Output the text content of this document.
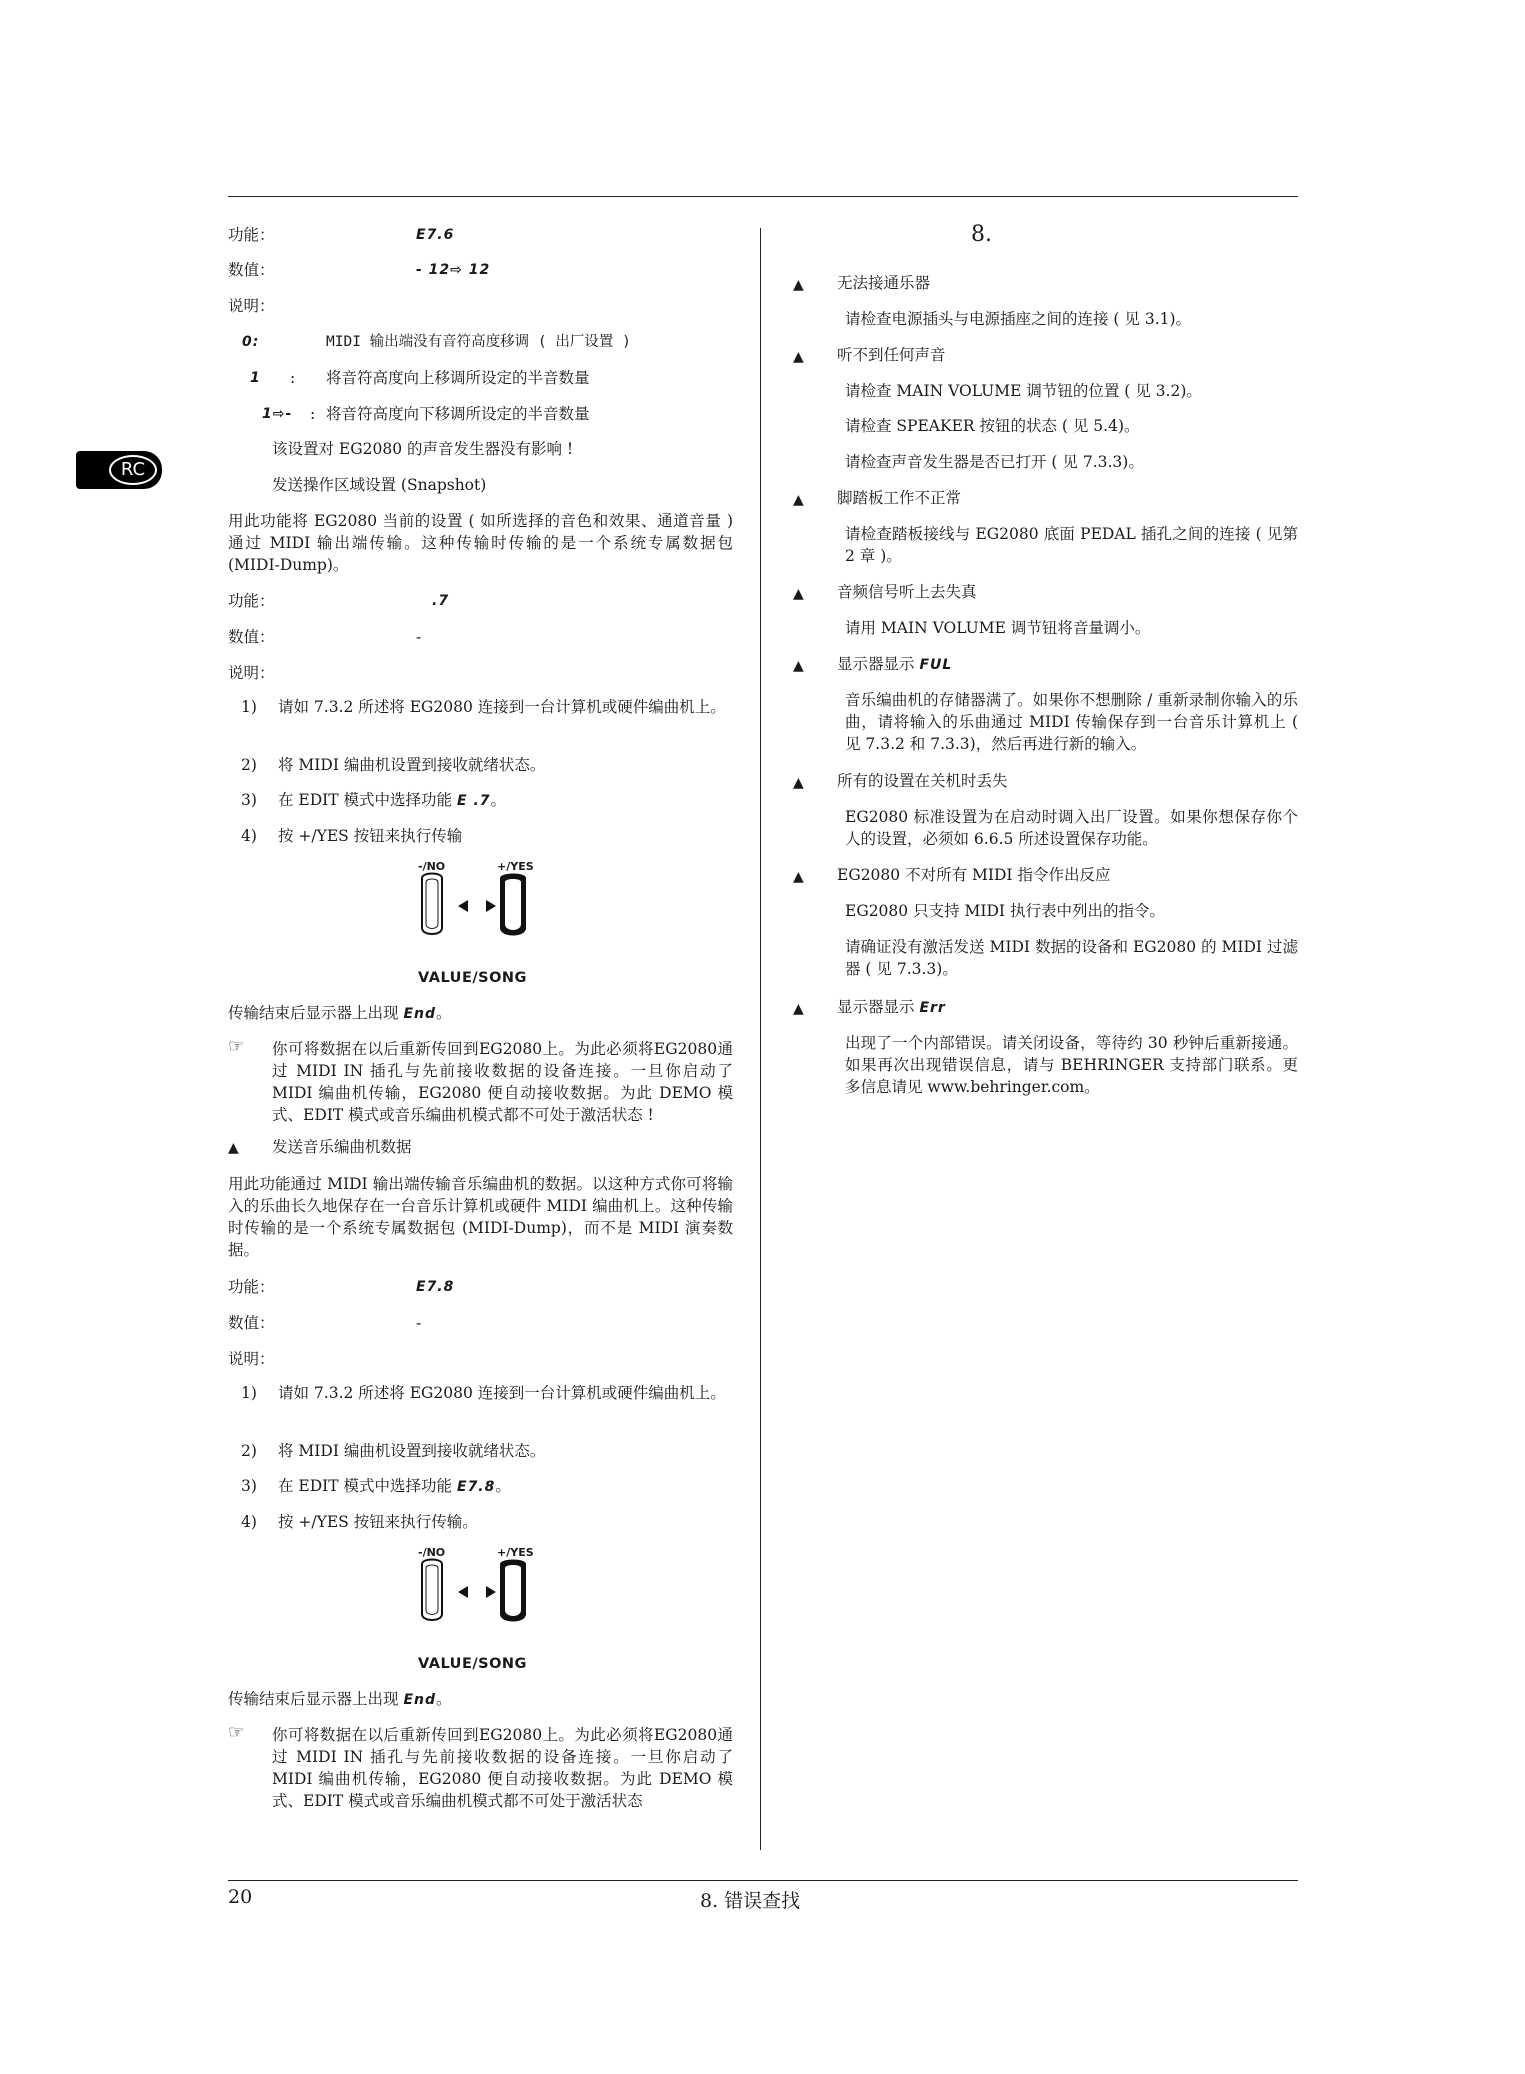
RC
功能：	E7.6
数值：	- 12⇨ 12
说明：
0:	MIDI 输出端没有音符高度移调 ( 出厂设置 )
1 : 将音符高度向上移调所设定的半音数量
1⇨- : 将音符高度向下移调所设定的半音数量
该设置对 EG2080 的声音发生器没有影响 !
发送操作区域设置 (Snapshot)

用此功能将 EG2080 当前的设置 ( 如所选择的音色和效果、通道音量 ) 通过 MIDI 输出端传输。这种传输时传输的是一个系统专属数据包 (MIDI-Dump)。

功能：	.7
数值：	-
说明：
1) 请如 7.3.2 所述将 EG2080 连接到一台计算机或硬件编曲机上。

2) 将 MIDI 编曲机设置到接收就绪状态。
3) 在 EDIT 模式中选择功能 E .7。
4) 按 +/YES 按钮来执行传输
-/NO	+/YES
VALUE/SONG
传输结束后显示器上出现 End。
☞ 你可将数据在以后重新传回到EG2080上。为此必须将EG2080通过 MIDI IN 插孔与先前接收数据的设备连接。一旦你启动了 MIDI 编曲机传输，EG2080 便自动接收数据。为此 DEMO 模式、EDIT 模式或音乐编曲机模式都不可处于激活状态 !

▲ 发送音乐编曲机数据

用此功能通过 MIDI 输出端传输音乐编曲机的数据。以这种方式你可将输入的乐曲长久地保存在一台音乐计算机或硬件 MIDI 编曲机上。这种传输时传输的是一个系统专属数据包 (MIDI-Dump)，而不是 MIDI 演奏数据。

功能：	E7.8
数值：	-
说明：
1) 请如 7.3.2 所述将 EG2080 连接到一台计算机或硬件编曲机上。

2) 将 MIDI 编曲机设置到接收就绪状态。
3) 在 EDIT 模式中选择功能 E7.8。
4) 按 +/YES 按钮来执行传输。
-/NO	+/YES
VALUE/SONG
传输结束后显示器上出现 End。
☞ 你可将数据在以后重新传回到EG2080上。为此必须将EG2080通过 MIDI IN 插孔与先前接收数据的设备连接。一旦你启动了 MIDI 编曲机传输，EG2080 便自动接收数据。为此 DEMO 模式、EDIT 模式或音乐编曲机模式都不可处于激活状态

8.
▲ 无法接通乐器

请检查电源插头与电源插座之间的连接 ( 见 3.1)。

▲ 听不到任何声音

请检查 MAIN VOLUME 调节钮的位置 ( 见 3.2)。

请检查 SPEAKER 按钮的状态 ( 见 5.4)。

请检查声音发生器是否已打开 ( 见 7.3.3)。

▲ 脚踏板工作不正常

请检查踏板接线与 EG2080 底面 PEDAL 插孔之间的连接 ( 见第 2 章 )。

▲ 音频信号听上去失真

请用 MAIN VOLUME 调节钮将音量调小。

▲ 显示器显示 FUL

音乐编曲机的存储器满了。如果你不想删除 / 重新录制你输入的乐曲，请将输入的乐曲通过 MIDI 传输保存到一台音乐计算机上 ( 见 7.3.2 和 7.3.3)，然后再进行新的输入。

▲ 所有的设置在关机时丢失

EG2080 标准设置为在启动时调入出厂设置。如果你想保存你个人的设置，必须如 6.6.5 所述设置保存功能。

▲ EG2080 不对所有 MIDI 指令作出反应

EG2080 只支持 MIDI 执行表中列出的指令。

请确证没有激活发送 MIDI 数据的设备和 EG2080 的 MIDI 过滤器 ( 见 7.3.3)。

▲ 显示器显示 Err

出现了一个内部错误。请关闭设备，等待约 30 秒钟后重新接通。如果再次出现错误信息，请与 BEHRINGER 支持部门联系。更多信息请见 www.behringer.com。

20	8. 错误查找
